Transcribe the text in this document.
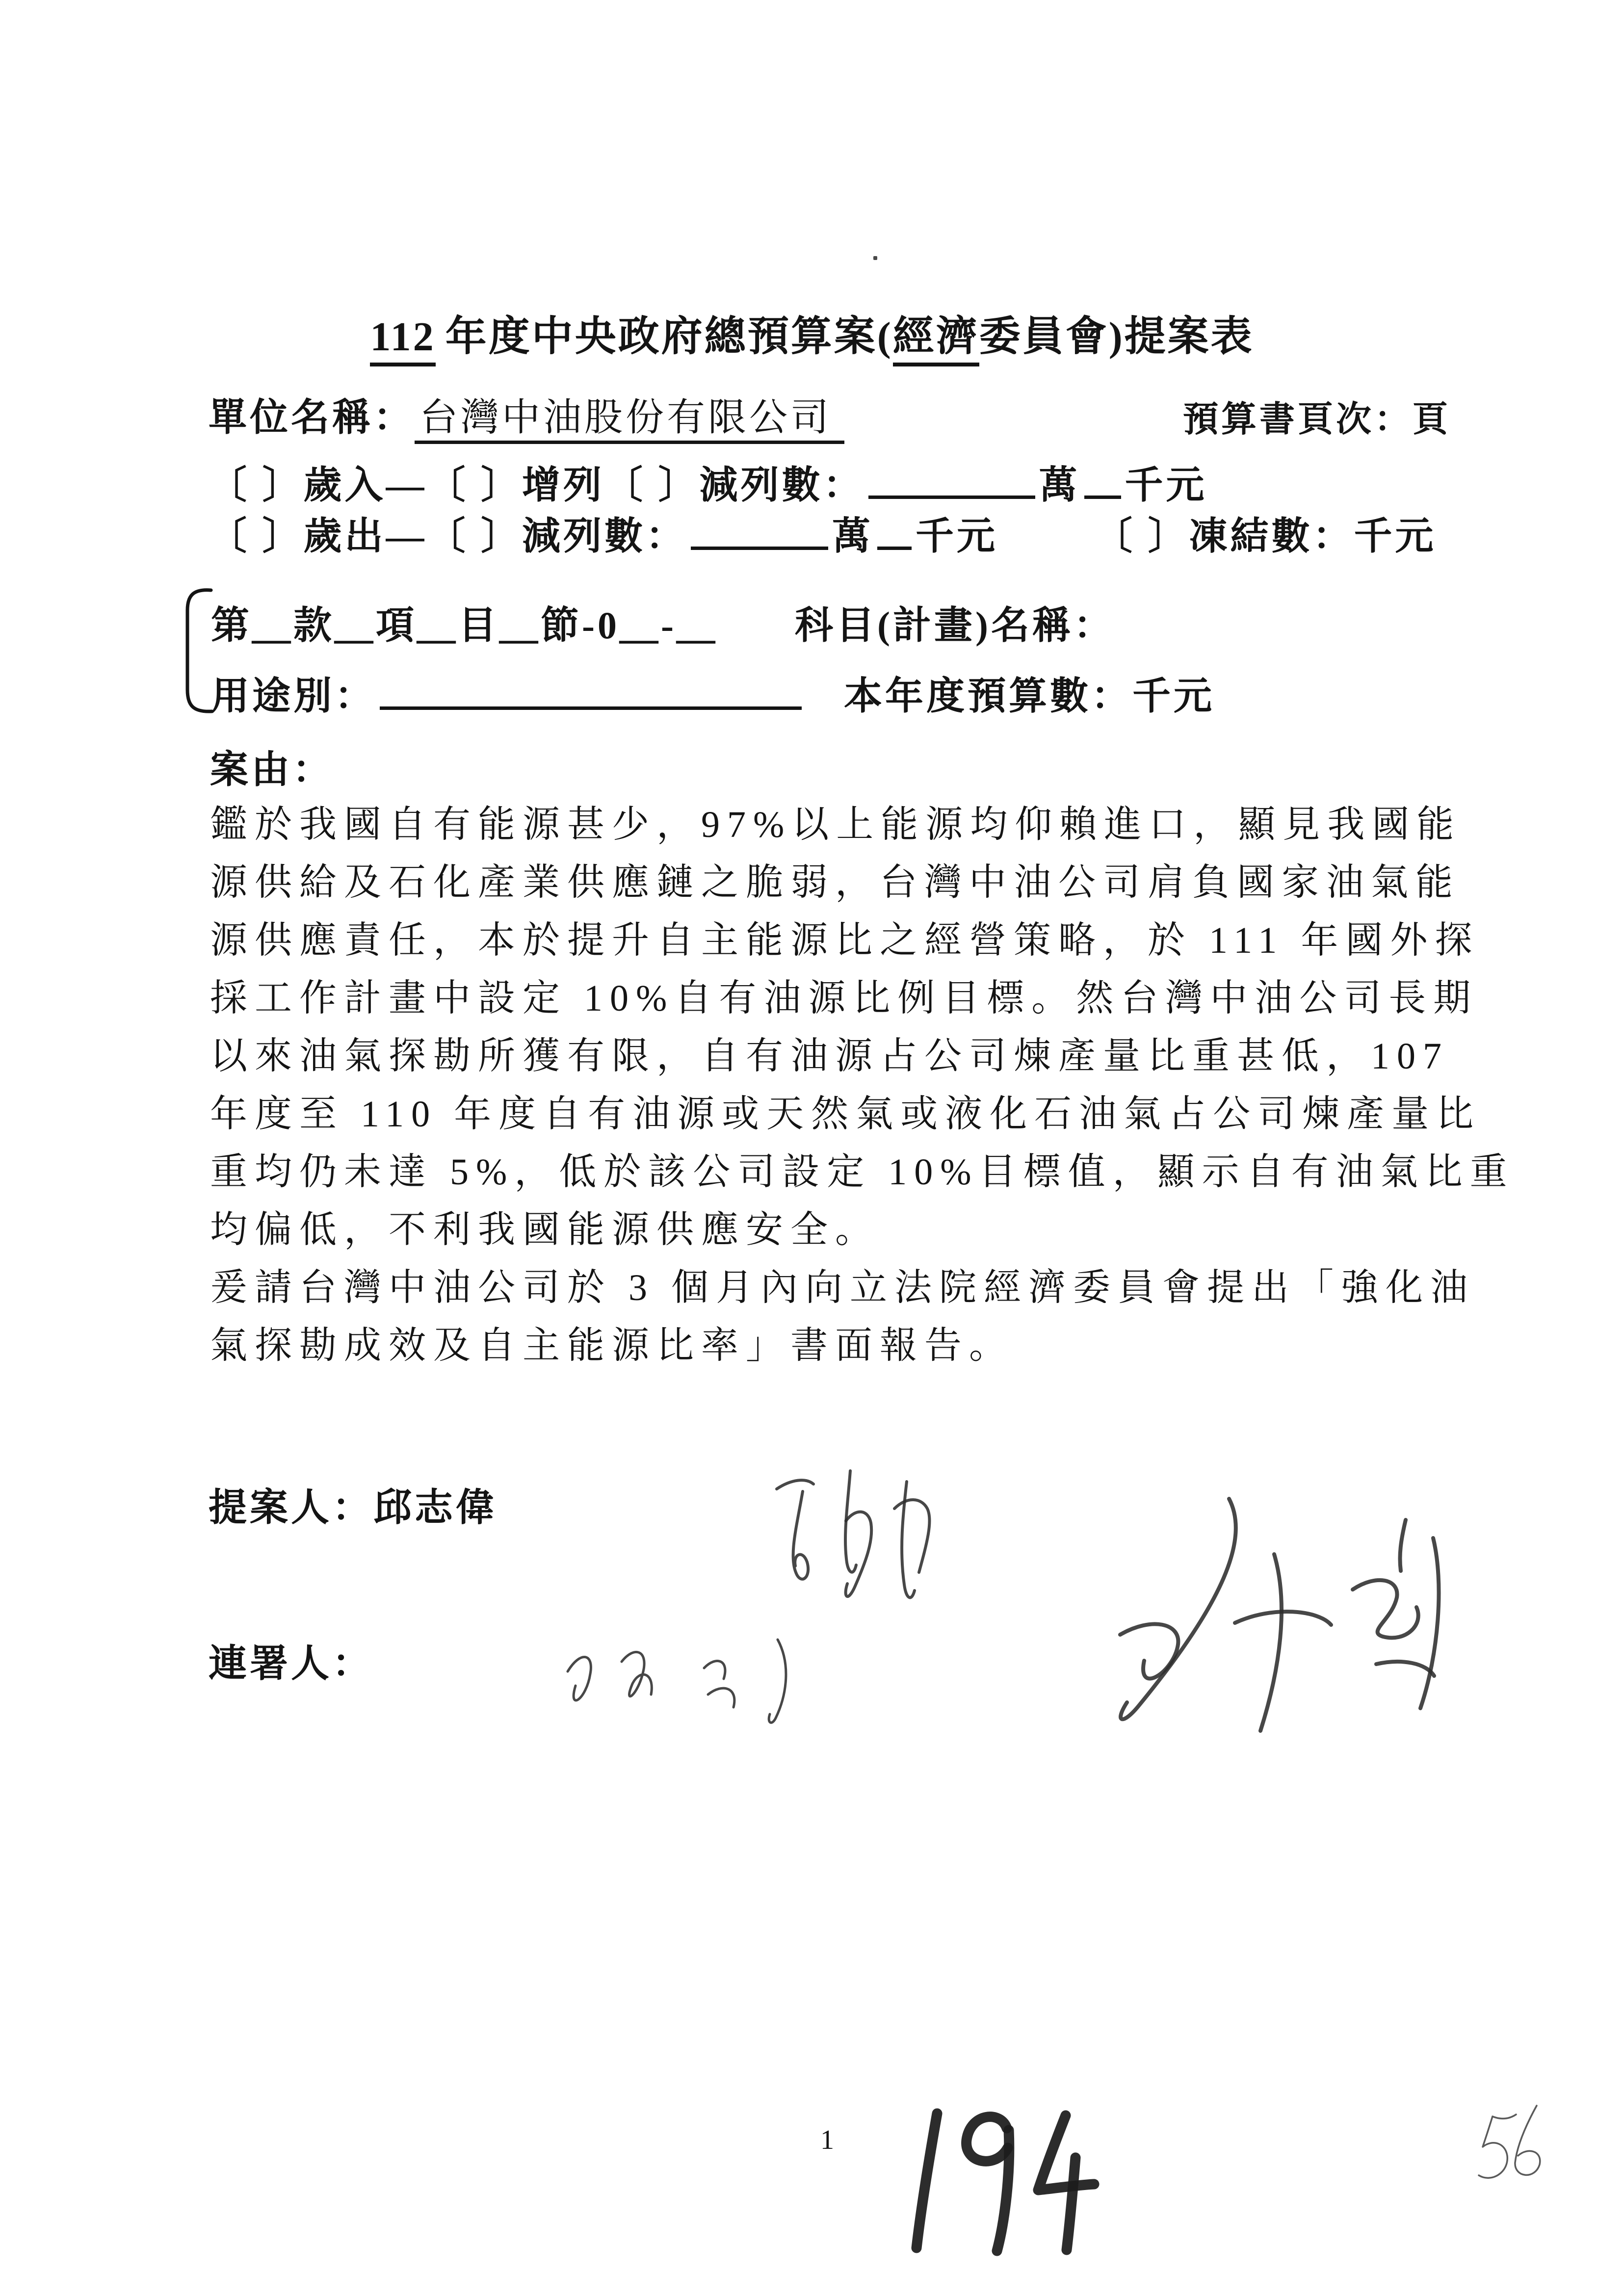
112 年度中央政府總預算案(經濟委員會)提案表
單位名稱： 台灣中油股份有限公司	預算書頁次：頁
〔 〕歲入—〔 〕增列〔 〕減列數：	萬 千元
〔 〕歲出—〔 〕減列數：	萬 千元	〔 〕凍結數：千元
第＿款＿項＿目＿節-0＿-＿ 科目(計畫)名稱：
用途別：	本年度預算數：千元
案由：
鑑於我國自有能源甚少，97%以上能源均仰賴進口，顯見我國能
源供給及石化產業供應鏈之脆弱，台灣中油公司肩負國家油氣能
源供應責任，本於提升自主能源比之經營策略，於 111 年國外探
採工作計畫中設定 10%自有油源比例目標。然台灣中油公司長期
以來油氣探勘所獲有限，自有油源占公司煉產量比重甚低，107
年度至 110 年度自有油源或天然氣或液化石油氣占公司煉產量比
重均仍未達 5%，低於該公司設定 10%目標值，顯示自有油氣比重
均偏低，不利我國能源供應安全。
爰請台灣中油公司於 3 個月內向立法院經濟委員會提出「強化油
氣探勘成效及自主能源比率」書面報告。
提案人：邱志偉
連署人：
1
